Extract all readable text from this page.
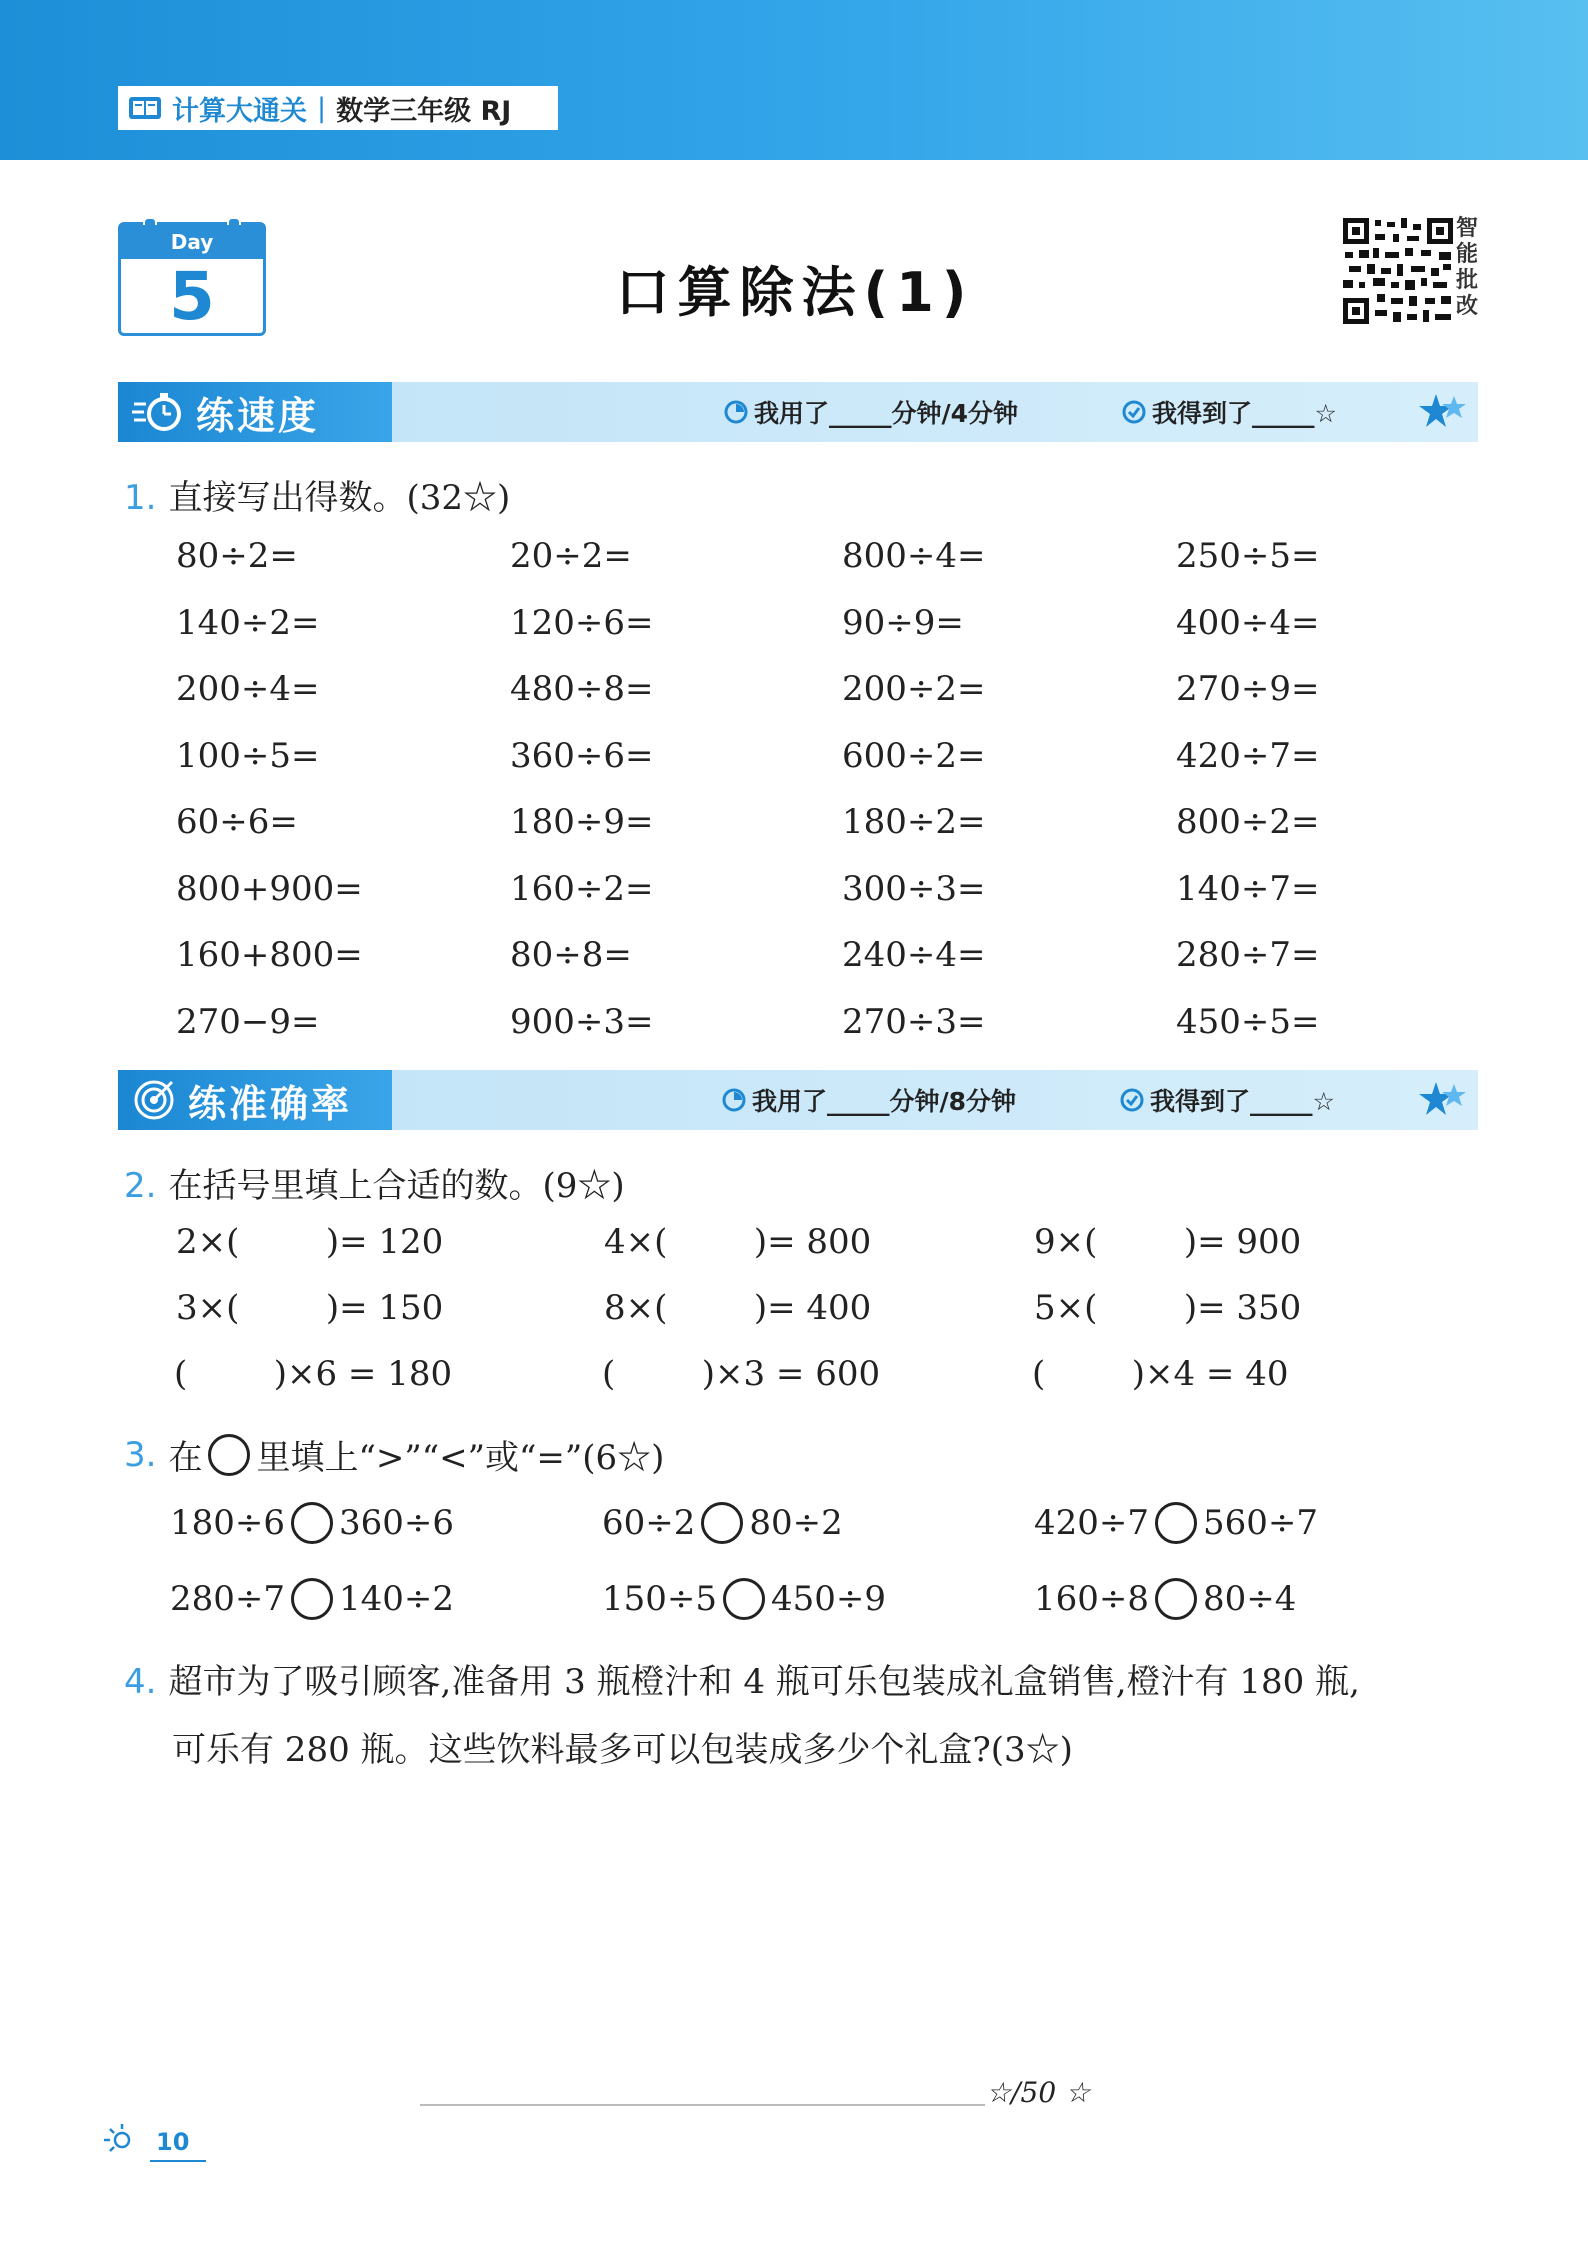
计算大通关 | 数学三年级 RJ
Day
5	口算除法(1)
智能批改
练速度	我用了_____分钟/4分钟	我得到了_____☆
1. 直接写出得数。(32☆)
80÷2=	20÷2=	800÷4=	250÷5=
140÷2=	120÷6=	90÷9=	400÷4=
200÷4=	480÷8=	200÷2=	270÷9=
100÷5=	360÷6=	600÷2=	420÷7=
60÷6=	180÷9=	180÷2=	800÷2=
800+900=	160÷2=	300÷3=	140÷7=
160+800=	80÷8=	240÷4=	280÷7=
270−9=	900÷3=	270÷3=	450÷5=
练准确率	我用了_____分钟/8分钟	我得到了_____☆
2. 在括号里填上合适的数。(9☆)
2×(        )= 120	4×(        )= 800	9×(        )= 900
3×(        )= 150	8×(        )= 400	5×(        )= 350
(        )×6 = 180	(        )×3 = 600	(        )×4 = 40
3. 在 里填上“>”“<”或“=”(6☆)
180÷6 360÷6	60÷2 80÷2	420÷7 560÷7
280÷7 140÷2	150÷5 450÷9	160÷8 80÷4
4. 超市为了吸引顾客,准备用 3 瓶橙汁和 4 瓶可乐包装成礼盒销售,橙汁有 180 瓶,
可乐有 280 瓶。这些饮料最多可以包装成多少个礼盒?(3☆)
☆/50 ☆
10
